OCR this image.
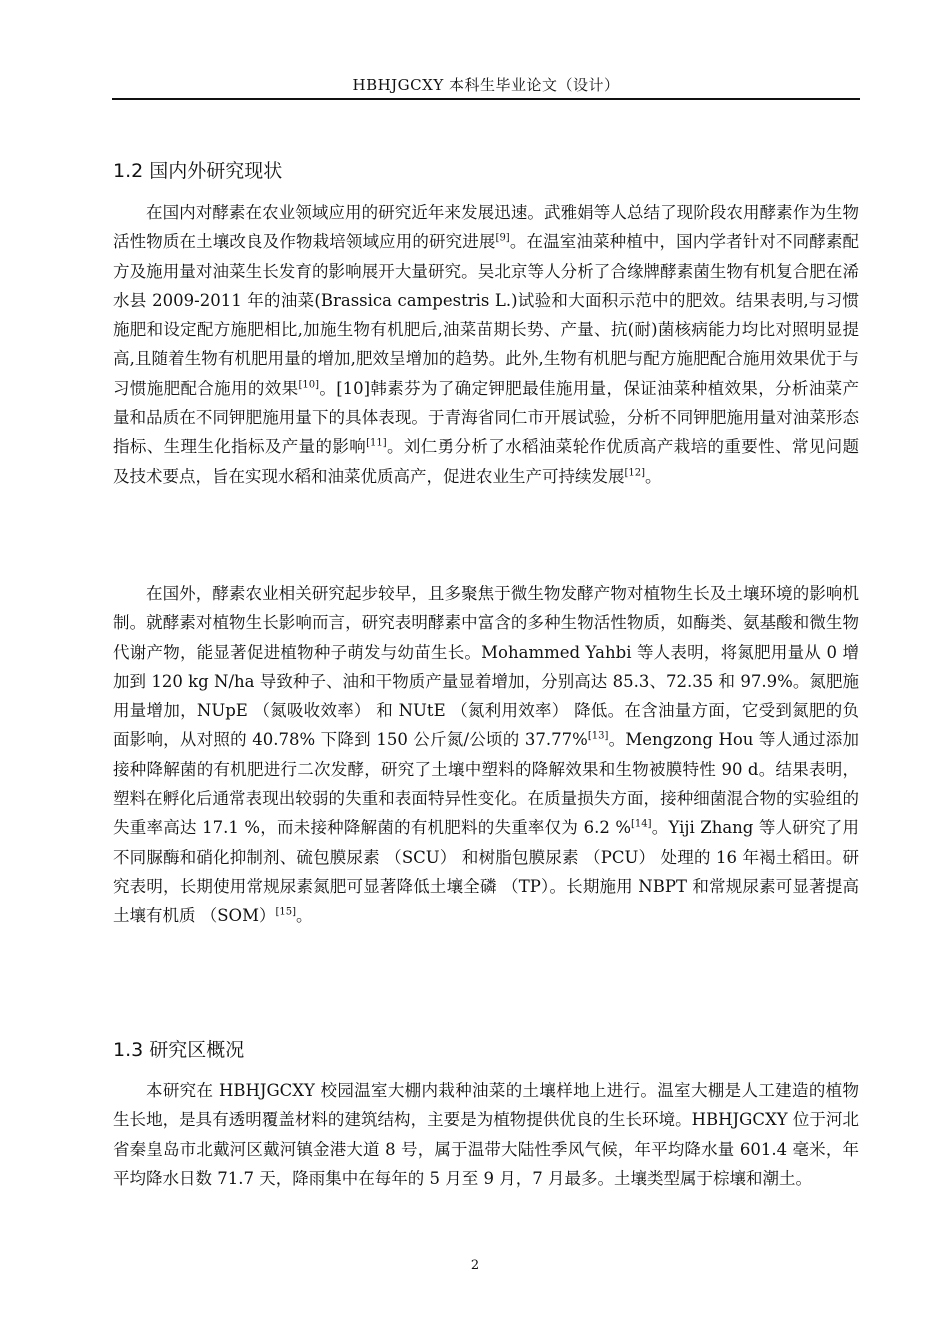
HBHJGCXY 本科生毕业论文（设计）
1.2 国内外研究现状

在国内对酵素在农业领域应用的研究近年来发展迅速。武雅娟等人总结了现阶段农用酵素作为生物活性物质在土壤改良及作物栽培领域应用的研究进展[9]。在温室油菜种植中，国内学者针对不同酵素配方及施用量对油菜生长发育的影响展开大量研究。吴北京等人分析了合缘牌酵素菌生物有机复合肥在浠水县 2009-2011 年的油菜(Brassica campestris L.)试验和大面积示范中的肥效。结果表明,与习惯施肥和设定配方施肥相比,加施生物有机肥后,油菜苗期长势、产量、抗(耐)菌核病能力均比对照明显提高,且随着生物有机肥用量的增加,肥效呈增加的趋势。此外,生物有机肥与配方施肥配合施用效果优于与习惯施肥配合施用的效果[10]。[10]韩素芬为了确定钾肥最佳施用量，保证油菜种植效果，分析油菜产量和品质在不同钾肥施用量下的具体表现。于青海省同仁市开展试验，分析不同钾肥施用量对油菜形态指标、生理生化指标及产量的影响[11]。刘仁勇分析了水稻油菜轮作优质高产栽培的重要性、常见问题及技术要点，旨在实现水稻和油菜优质高产，促进农业生产可持续发展[12]。

在国外，酵素农业相关研究起步较早，且多聚焦于微生物发酵产物对植物生长及土壤环境的影响机制。就酵素对植物生长影响而言，研究表明酵素中富含的多种生物活性物质，如酶类、氨基酸和微生物代谢产物，能显著促进植物种子萌发与幼苗生长。Mohammed Yahbi 等人表明，将氮肥用量从 0 增加到 120 kg N/ha 导致种子、油和干物质产量显着增加，分别高达 85.3、72.35 和 97.9%。氮肥施用量增加，NUpE （氮吸收效率） 和 NUtE （氮利用效率） 降低。在含油量方面，它受到氮肥的负面影响，从对照的 40.78% 下降到 150 公斤氮/公顷的 37.77%[13]。Mengzong Hou 等人通过添加接种降解菌的有机肥进行二次发酵，研究了土壤中塑料的降解效果和生物被膜特性 90 d。结果表明，塑料在孵化后通常表现出较弱的失重和表面特异性变化。在质量损失方面，接种细菌混合物的实验组的失重率高达 17.1 %，而未接种降解菌的有机肥料的失重率仅为 6.2 %[14]。Yiji Zhang 等人研究了用不同脲酶和硝化抑制剂、硫包膜尿素 （SCU） 和树脂包膜尿素 （PCU） 处理的 16 年褐土稻田。研究表明，长期使用常规尿素氮肥可显著降低土壤全磷 （TP）。长期施用 NBPT 和常规尿素可显著提高土壤有机质 （SOM）[15]。

1.3 研究区概况

本研究在 HBHJGCXY 校园温室大棚内栽种油菜的土壤样地上进行。温室大棚是人工建造的植物生长地，是具有透明覆盖材料的建筑结构，主要是为植物提供优良的生长环境。HBHJGCXY 位于河北省秦皇岛市北戴河区戴河镇金港大道 8 号，属于温带大陆性季风气候，年平均降水量 601.4 毫米，年平均降水日数 71.7 天，降雨集中在每年的 5 月至 9 月，7 月最多。土壤类型属于棕壤和潮土。

2
